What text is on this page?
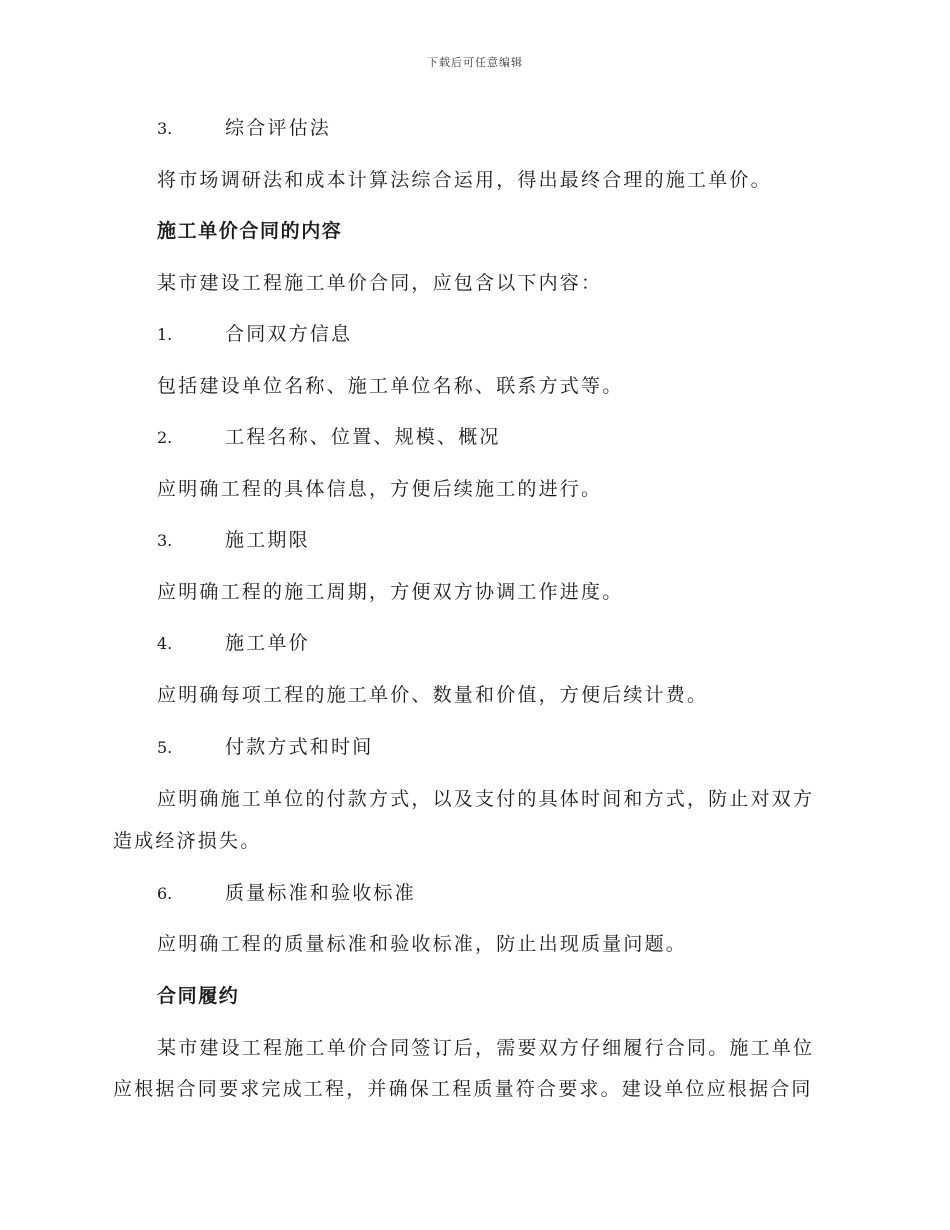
下载后可任意编辑
3.	综合评估法
将市场调研法和成本计算法综合运用，得出最终合理的施工单价。
施工单价合同的内容
某市建设工程施工单价合同，应包含以下内容：
1.	合同双方信息
包括建设单位名称、施工单位名称、联系方式等。
2.	工程名称、位置、规模、概况
应明确工程的具体信息，方便后续施工的进行。
3.	施工期限
应明确工程的施工周期，方便双方协调工作进度。
4.	施工单价
应明确每项工程的施工单价、数量和价值，方便后续计费。
5.	付款方式和时间
应明确施工单位的付款方式，以及支付的具体时间和方式，防止对双方
造成经济损失。
6.	质量标准和验收标准
应明确工程的质量标准和验收标准，防止出现质量问题。
合同履约
某市建设工程施工单价合同签订后，需要双方仔细履行合同。施工单位
应根据合同要求完成工程，并确保工程质量符合要求。建设单位应根据合同
